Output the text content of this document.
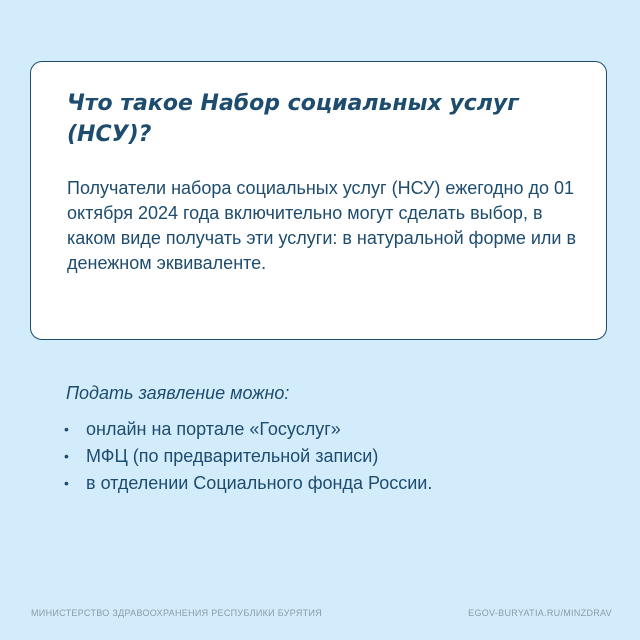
Что такое Набор социальных услуг (НСУ)?

Получатели набора социальных услуг (НСУ) ежегодно до 01 октября 2024 года включительно могут сделать выбор, в каком виде получать эти услуги: в натуральной форме или в денежном эквиваленте.

Подать заявление можно:

• онлайн на портале «Госуслуг»
• МФЦ (по предварительной записи)
• в отделении Социального фонда России.
МИНИСТЕРСТВО ЗДРАВООХРАНЕНИЯ РЕСПУБЛИКИ БУРЯТИЯ	EGOV-BURYATIA.RU/MINZDRAV
